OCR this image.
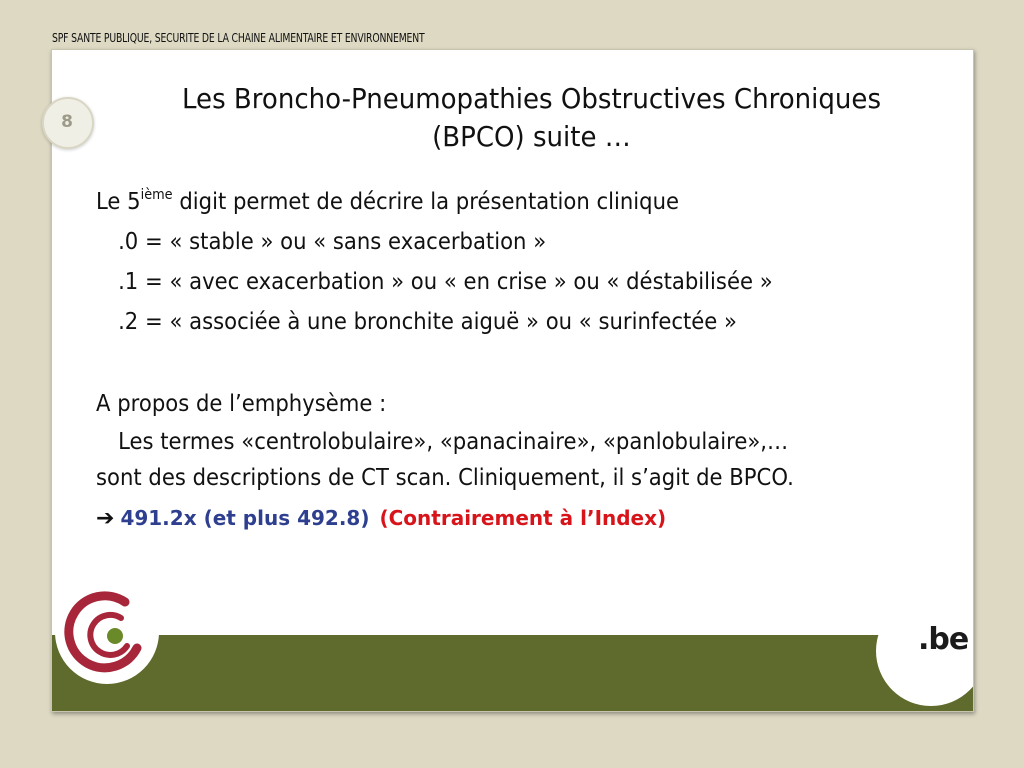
SPF SANTE PUBLIQUE, SECURITE DE LA CHAINE ALIMENTAIRE ET ENVIRONNEMENT
8
Les Broncho-Pneumopathies Obstructives Chroniques
(BPCO) suite …
Le 5ième digit permet de décrire la présentation clinique
.0 = « stable » ou « sans exacerbation »
.1 = « avec exacerbation » ou « en crise » ou « déstabilisée »
.2 = « associée à une bronchite aiguë » ou « surinfectée »
A propos de l’emphysème :
Les termes «centrolobulaire», «panacinaire», «panlobulaire»,…
sont des descriptions de CT scan. Cliniquement, il s’agit de BPCO.
➔ 491.2x (et plus 492.8) (Contrairement à l’Index)
.be
